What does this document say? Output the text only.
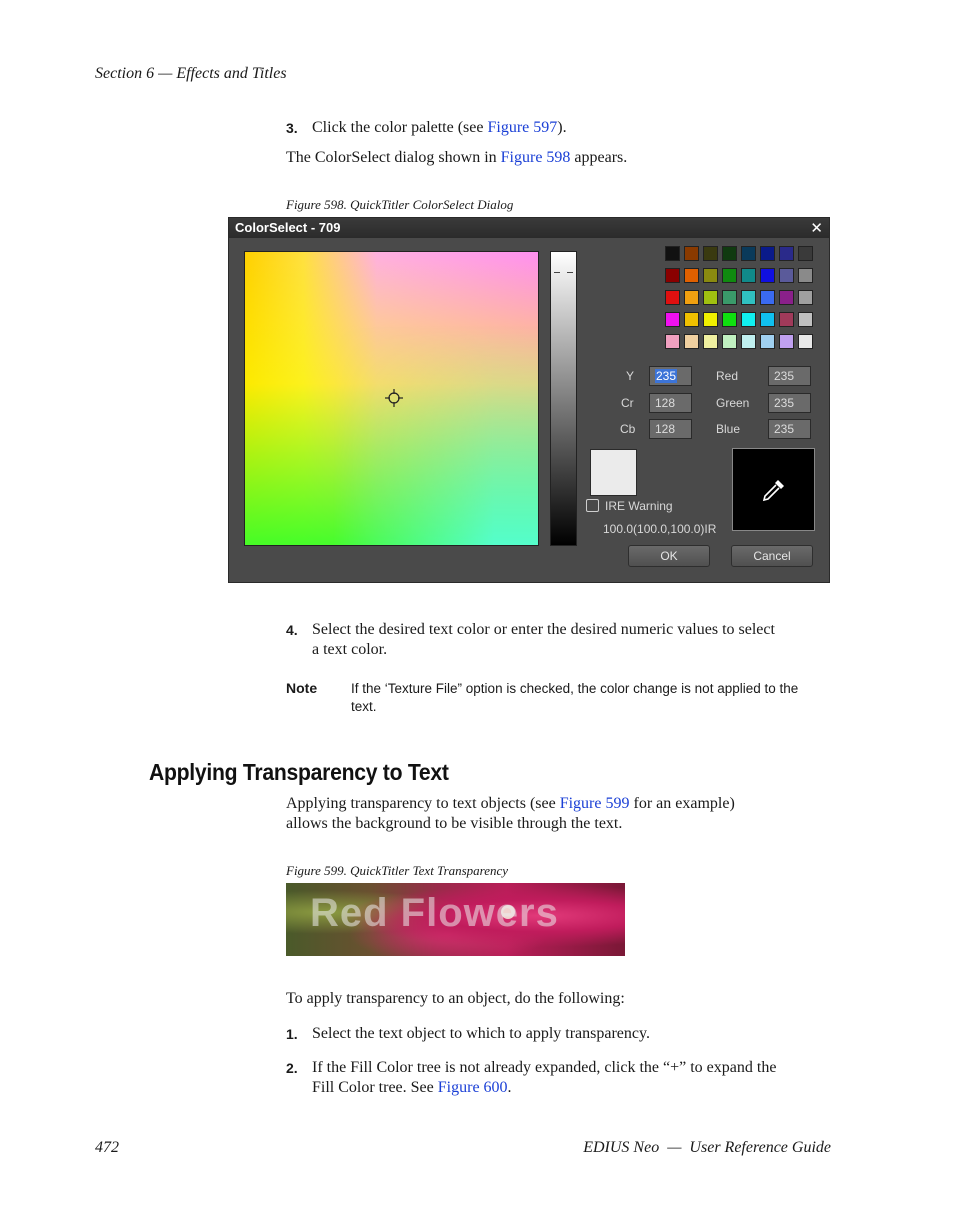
Section 6 — Effects and Titles
3. Click the color palette (see Figure 597).
The ColorSelect dialog shown in Figure 598 appears.
Figure 598. QuickTitler ColorSelect Dialog
ColorSelect - 709	✕
Y	235
Cr	128
Cb	128
Red	235
Green	235
Blue	235
IRE Warning
100.0(100.0,100.0)IR
OK	Cancel
4. Select the desired text color or enter the desired numeric values to select
a text color.
Note	If the ‘Texture File” option is checked, the color change is not applied to the
text.
Applying Transparency to Text
Applying transparency to text objects (see Figure 599 for an example)
allows the background to be visible through the text.
Figure 599. QuickTitler Text Transparency
Red Flowers
To apply transparency to an object, do the following:
1. Select the text object to which to apply transparency.
2. If the Fill Color tree is not already expanded, click the “+” to expand the
Fill Color tree. See Figure 600.
472	EDIUS Neo  —  User Reference Guide
